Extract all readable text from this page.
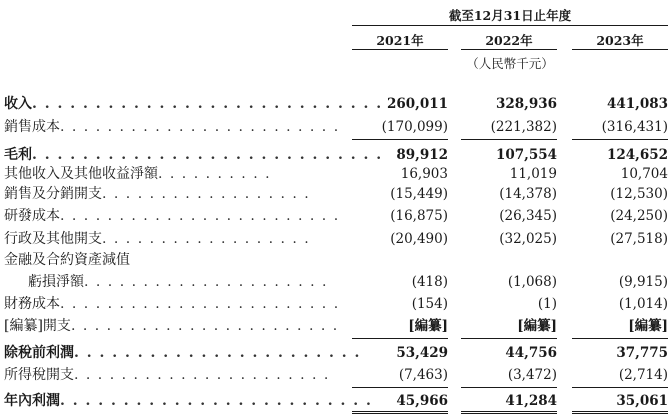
截至12月31日止年度
2021年	2022年	2023年
（人民幣千元）
收入. . . . . . . . . . . . . . . . . . . . . . . . . . . . 260,011	328,936	441,083
銷售成本. . . . . . . . . . . . . . . . . . . . . . . .	(170,099)	(221,382)	(316,431)
毛利. . . . . . . . . . . . . . . . . . . . . . . . . . . .	89,912	107,554	124,652
其他收入及其他收益淨額. . . . . . . . . .	16,903	11,019	10,704
銷售及分銷開支. . . . . . . . . . . . . . . . . .	(15,449)	(14,378)	(12,530)
研發成本. . . . . . . . . . . . . . . . . . . . . . . .	(16,875)	(26,345)	(24,250)
行政及其他開支. . . . . . . . . . . . . . . . . .	(20,490)	(32,025)	(27,518)
金融及合約資產減值
虧損淨額. . . . . . . . . . . . . . . . . . . . .	(418)	(1,068)	(9,915)
財務成本. . . . . . . . . . . . . . . . . . . . . . . .	(154)	(1)	(1,014)
[編纂]開支. . . . . . . . . . . . . . . . . . . . . . .	[編纂]	[編纂]	[編纂]
除稅前利潤. . . . . . . . . . . . . . . . . . . . . . .	53,429	44,756	37,775
所得稅開支. . . . . . . . . . . . . . . . . . . . . .	(7,463)	(3,472)	(2,714)
年內利潤. . . . . . . . . . . . . . . . . . . . . . . . .	45,966	41,284	35,061
